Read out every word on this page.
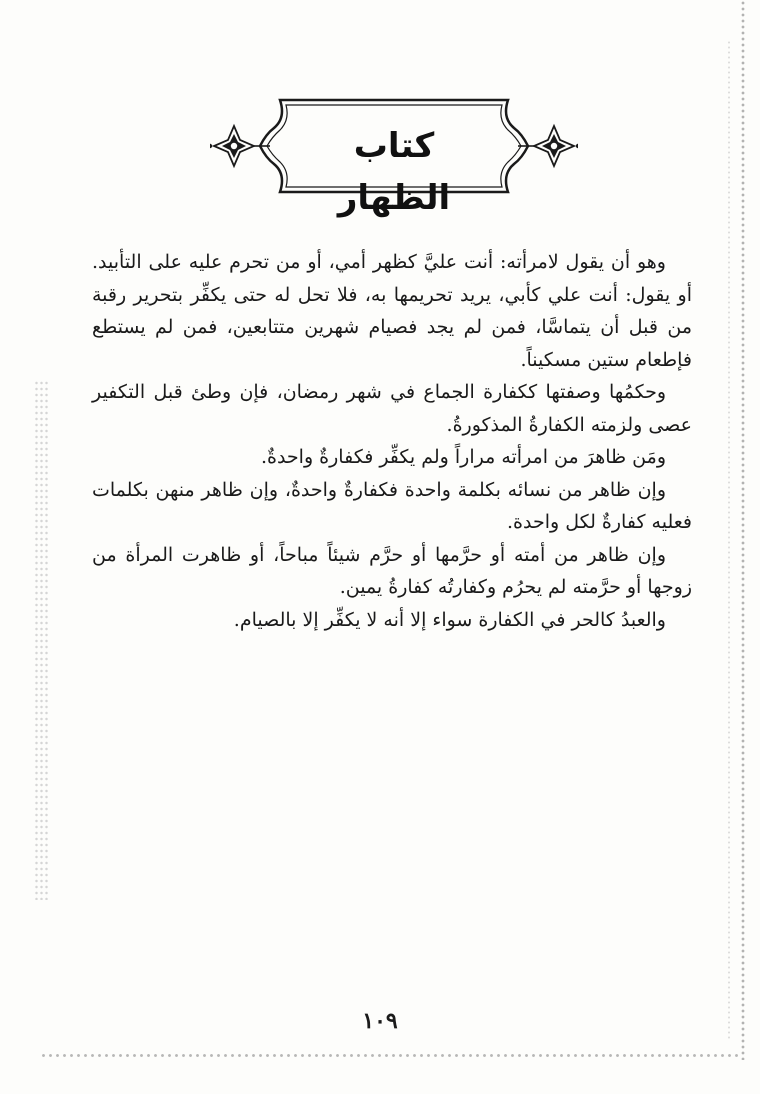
كتاب الظهار

وهو أن يقول لامرأته: أنت عليَّ كظهر أمي، أو من تحرم عليه على التأبيد. أو يقول: أنت علي كأبي، يريد تحريمها به، فلا تحل له حتى يكفِّر بتحرير رقبة من قبل أن يتماسَّا، فمن لم يجد فصيام شهرين متتابعين، فمن لم يستطع فإطعام ستين مسكيناً.

وحكمُها وصفتها ككفارة الجماع في شهر رمضان، فإن وطئ قبل التكفير عصى ولزمته الكفارةُ المذكورةُ.

ومَن ظاهرَ من امرأته مراراً ولم يكفِّر فكفارةٌ واحدةٌ.

وإن ظاهر من نسائه بكلمة واحدة فكفارةٌ واحدةٌ، وإن ظاهر منهن بكلمات فعليه كفارةٌ لكل واحدة.

وإن ظاهر من أمته أو حرَّمها أو حرَّم شيئاً مباحاً، أو ظاهرت المرأة من زوجها أو حرَّمته لم يحرُم وكفارتُه كفارةُ يمين.

والعبدُ كالحر في الكفارة سواء إلا أنه لا يكفِّر إلا بالصيام.

١٠٩
